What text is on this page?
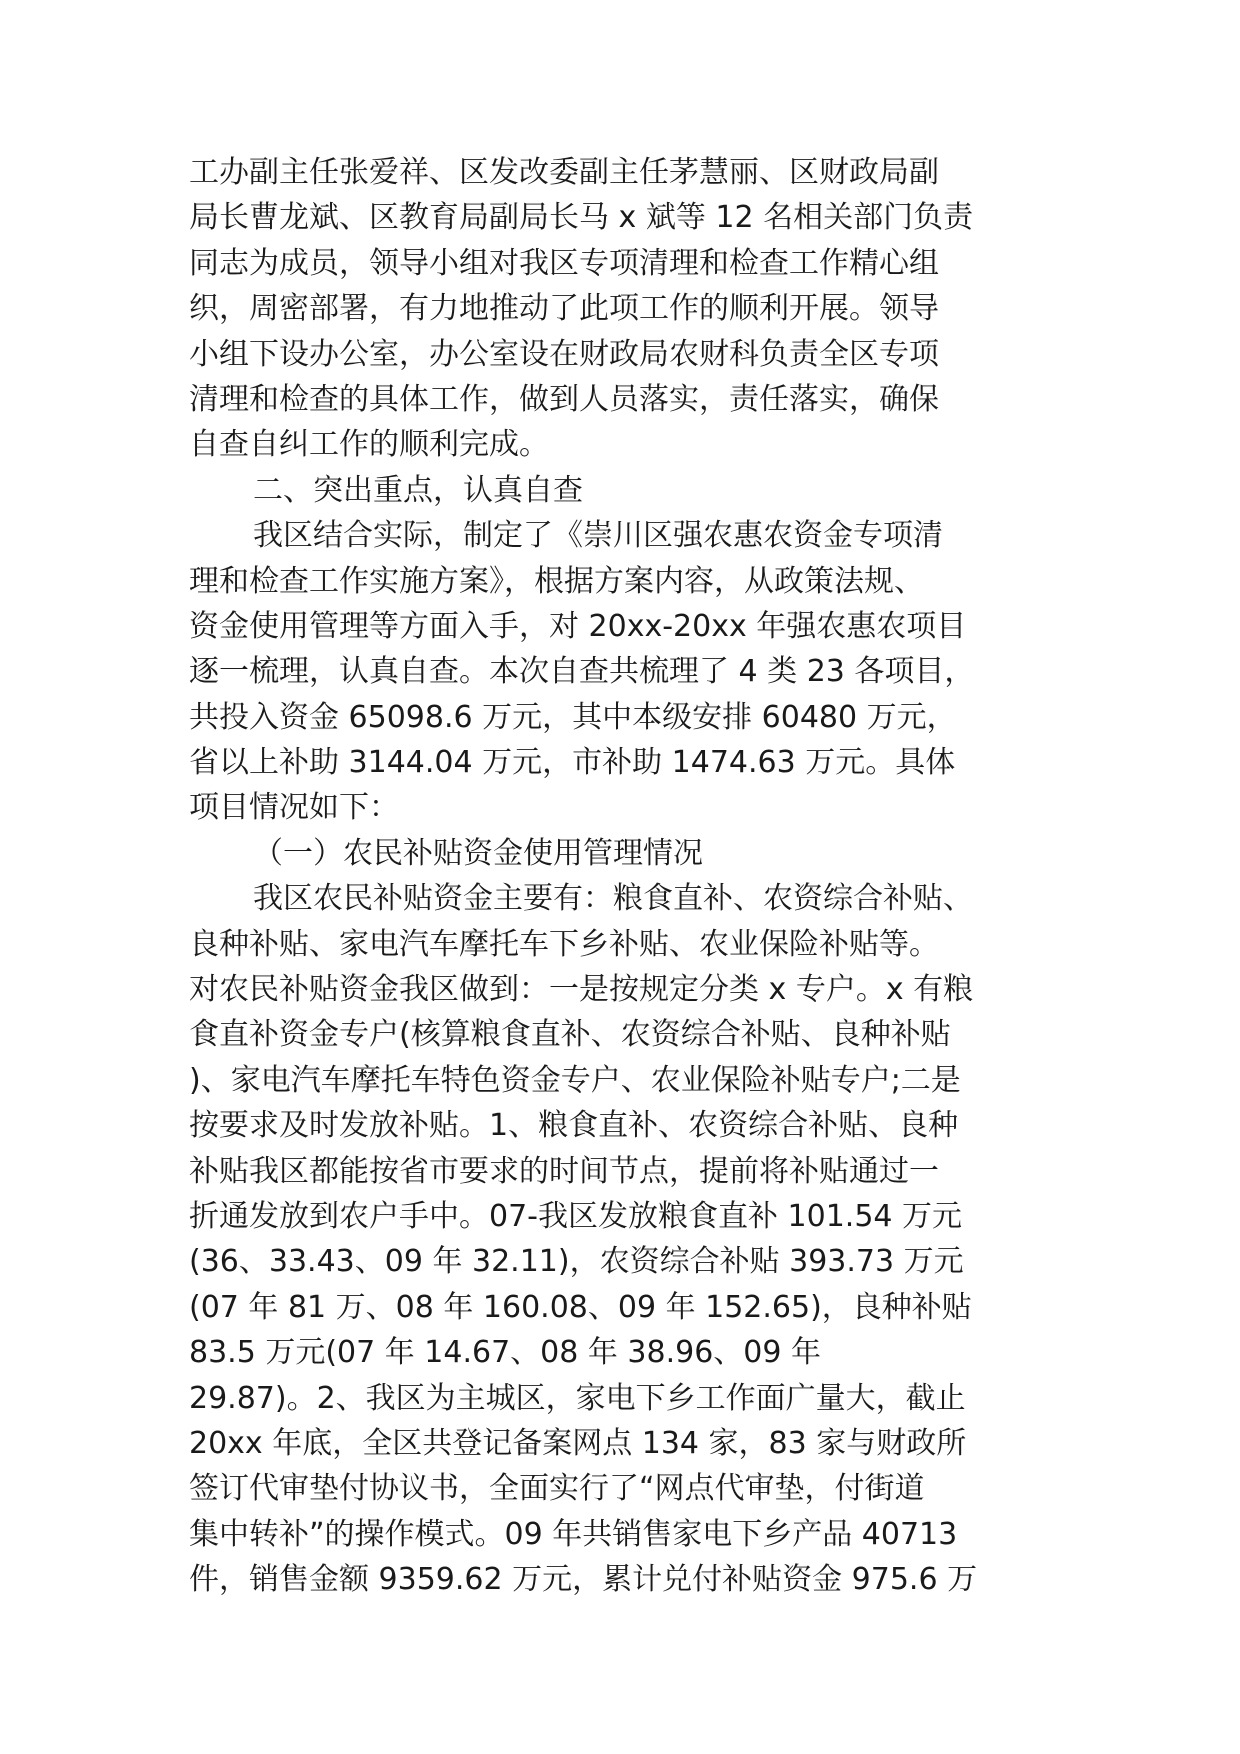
工办副主任张爱祥、区发改委副主任茅慧丽、区财政局副
局长曹龙斌、区教育局副局长马 x 斌等 12 名相关部门负责
同志为成员，领导小组对我区专项清理和检查工作精心组
织，周密部署，有力地推动了此项工作的顺利开展。领导
小组下设办公室，办公室设在财政局农财科负责全区专项
清理和检查的具体工作，做到人员落实，责任落实，确保
自查自纠工作的顺利完成。
二、突出重点，认真自查
我区结合实际，制定了《崇川区强农惠农资金专项清
理和检查工作实施方案》，根据方案内容，从政策法规、
资金使用管理等方面入手，对 20xx-20xx 年强农惠农项目
逐一梳理，认真自查。本次自查共梳理了 4 类 23 各项目，
共投入资金 65098.6 万元，其中本级安排 60480 万元，
省以上补助 3144.04 万元，市补助 1474.63 万元。具体
项目情况如下：
（一）农民补贴资金使用管理情况
我区农民补贴资金主要有：粮食直补、农资综合补贴、
良种补贴、家电汽车摩托车下乡补贴、农业保险补贴等。
对农民补贴资金我区做到：一是按规定分类 x 专户。x 有粮
食直补资金专户(核算粮食直补、农资综合补贴、良种补贴
)、家电汽车摩托车特色资金专户、农业保险补贴专户;二是
按要求及时发放补贴。1、粮食直补、农资综合补贴、良种
补贴我区都能按省市要求的时间节点，提前将补贴通过一
折通发放到农户手中。07-我区发放粮食直补 101.54 万元
(36、33.43、09 年 32.11)，农资综合补贴 393.73 万元
(07 年 81 万、08 年 160.08、09 年 152.65)，良种补贴
83.5 万元(07 年 14.67、08 年 38.96、09 年
29.87)。2、我区为主城区，家电下乡工作面广量大，截止
20xx 年底，全区共登记备案网点 134 家，83 家与财政所
签订代审垫付协议书，全面实行了“网点代审垫，付街道
集中转补”的操作模式。09 年共销售家电下乡产品 40713
件，销售金额 9359.62 万元，累计兑付补贴资金 975.6 万
